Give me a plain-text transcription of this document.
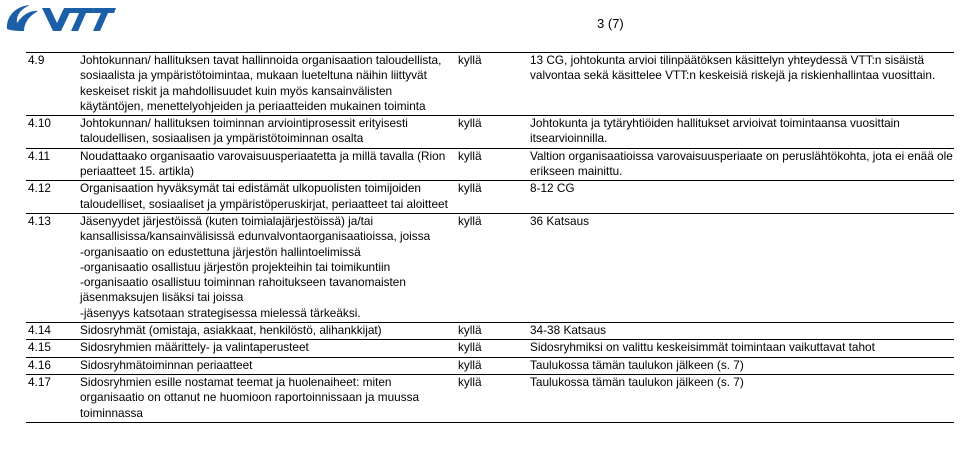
3 (7)
4.9	Johtokunnan/ hallituksen tavat hallinnoida organisaation taloudellista, sosiaalista ja ympäristötoimintaa, mukaan lueteltuna näihin liittyvät keskeiset riskit ja mahdollisuudet kuin myös kansainvälisten käytäntöjen, menettelyohjeiden ja periaatteiden mukainen toiminta	kyllä	13 CG, johtokunta arvioi tilinpäätöksen käsittelyn yhteydessä VTT:n sisäistä valvontaa sekä käsittelee VTT:n keskeisiä riskejä ja riskienhallintaa vuosittain.
4.10	Johtokunnan/ hallituksen toiminnan arviointiprosessit erityisesti taloudellisen, sosiaalisen ja ympäristötoiminnan osalta	kyllä	Johtokunta ja tytäryhtiöiden hallitukset arvioivat toimintaansa vuosittain itsearvioinnilla.
4.11	Noudattaako organisaatio varovaisuusperiaatetta ja millä tavalla (Rion periaatteet 15. artikla)	kyllä	Valtion organisaatioissa varovaisuusperiaate on peruslähtökohta, jota ei enää ole erikseen mainittu.
4.12	Organisaation hyväksymät tai edistämät ulkopuolisten toimijoiden taloudelliset, sosiaaliset ja ympäristöperuskirjat, periaatteet tai aloitteet	kyllä	8-12 CG
4.13	Jäsenyydet järjestöissä (kuten toimialajärjestöissä) ja/tai kansallisissa/kansainvälisissä edunvalvontaorganisaatioissa, joissa
-organisaatio on edustettuna järjestön hallintoelimissä
-organisaatio osallistuu järjestön projekteihin tai toimikuntiin
-organisaatio osallistuu toiminnan rahoitukseen tavanomaisten jäsenmaksujen lisäksi tai joissa
-jäsenyys katsotaan strategisessa mielessä tärkeäksi.	kyllä	36 Katsaus
4.14	Sidosryhmät (omistaja, asiakkaat, henkilöstö, alihankkijat)	kyllä	34-38 Katsaus
4.15	Sidosryhmien määrittely- ja valintaperusteet	kyllä	Sidosryhmiksi on valittu keskeisimmät toimintaan vaikuttavat tahot
4.16	Sidosryhmätoiminnan periaatteet	kyllä	Taulukossa tämän taulukon jälkeen (s. 7)
4.17	Sidosryhmien esille nostamat teemat ja huolenaiheet: miten organisaatio on ottanut ne huomioon raportoinnissaan ja muussa toiminnassa	kyllä	Taulukossa tämän taulukon jälkeen (s. 7)
